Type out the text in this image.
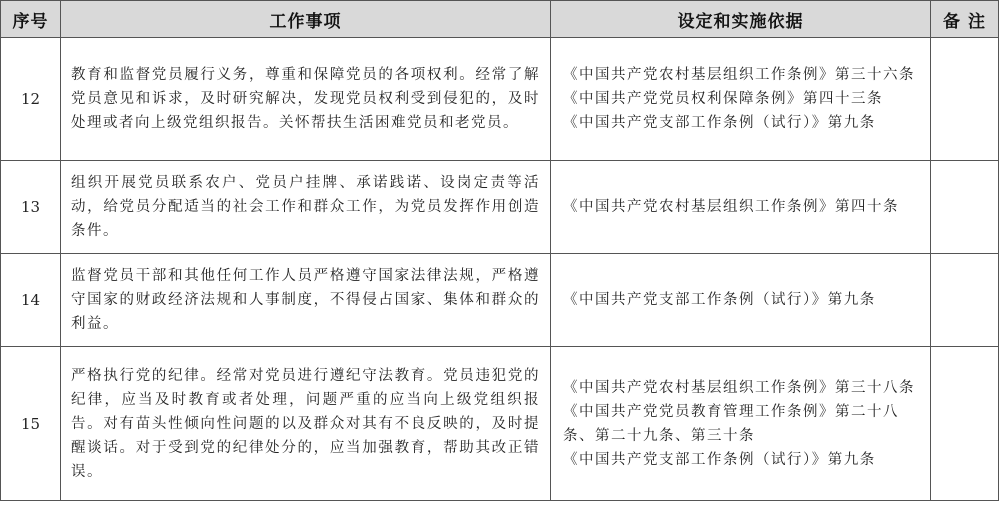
序号	工作事项	设定和实施依据	备 注
12	教育和监督党员履行义务，尊重和保障党员的各项权利。经常了解党员意见和诉求，及时研究解决，发现党员权利受到侵犯的，及时处理或者向上级党组织报告。关怀帮扶生活困难党员和老党员。	《中国共产党农村基层组织工作条例》第三十六条
《中国共产党党员权利保障条例》第四十三条
《中国共产党支部工作条例（试行）》第九条	

13	组织开展党员联系农户、党员户挂牌、承诺践诺、设岗定责等活动，给党员分配适当的社会工作和群众工作，为党员发挥作用创造条件。	《中国共产党农村基层组织工作条例》第四十条	

14	监督党员干部和其他任何工作人员严格遵守国家法律法规，严格遵守国家的财政经济法规和人事制度，不得侵占国家、集体和群众的利益。	《中国共产党支部工作条例（试行）》第九条	

15	严格执行党的纪律。经常对党员进行遵纪守法教育。党员违犯党的纪律，应当及时教育或者处理，问题严重的应当向上级党组织报告。对有苗头性倾向性问题的以及群众对其有不良反映的，及时提醒谈话。对于受到党的纪律处分的，应当加强教育，帮助其改正错误。	《中国共产党农村基层组织工作条例》第三十八条
《中国共产党党员教育管理工作条例》第二十八条、第二十九条、第三十条
《中国共产党支部工作条例（试行）》第九条	
